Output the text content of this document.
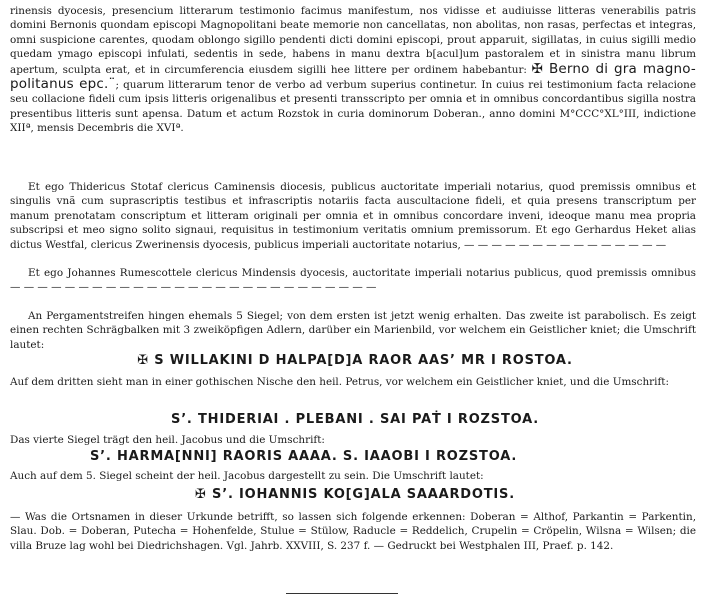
rinensis dyocesis, presencium litterarum testimonio facimus manifestum, nos vidisse et audiuisse litteras venerabilis patris domini Bernonis quondam episcopi Magnopolitani beate memorie non cancellatas, non abolitas, non rasas, perfectas et integras, omni suspicione carentes, quodam oblongo sigillo pendenti dicti domini episcopi, prout apparuit, sigillatas, in cuius sigilli medio quedam ymago episcopi infulati, sedentis in sede, habens in manu dextra b[acul]um pastoralem et in sinistra manu librum apertum, sculpta erat, et in circumferencia eiusdem sigilli hee littere per ordinem habebantur: ✠ Berno di gra magno-politanus epc.¨; quarum litterarum tenor de verbo ad verbum superius continetur. In cuius rei testimonium facta relacione seu collacione fideli cum ipsis litteris origenalibus et presenti transscripto per omnia et in omnibus concordantibus sigilla nostra presentibus litteris sunt apensa. Datum et actum Rozstok in curia dominorum Doberan., anno domini M°CCC°XL°III, indictione XIIª, mensis Decembris die XVIª.

Et ego Thidericus Stotaf clericus Caminensis diocesis, publicus auctoritate imperiali notarius, quod premissis omnibus et singulis vnã cum suprascriptis testibus et infrascriptis notariis facta auscultacione fideli, et quia presens transcriptum per manum prenotatam conscriptum et litteram originali per omnia et in omnibus concordare inveni, ideoque manu mea propria subscripsi et meo signo solito signaui, requisitus in testimonium veritatis omnium premissorum. Et ego Gerhardus Heket alias dictus Westfal, clericus Zwerinensis dyocesis, publicus imperiali auctoritate notarius, — — — — — — — — — — — — — — —

Et ego Johannes Rumescottele clericus Mindensis dyocesis, auctoritate imperiali notarius publicus, quod premissis omnibus — — — — — — — — — — — — — — — — — — — — — — — — — — —

An Pergamentstreifen hingen ehemals 5 Siegel; von dem ersten ist jetzt wenig erhalten. Das zweite ist parabolisch. Es zeigt einen rechten Schrägbalken mit 3 zweiköpfigen Adlern, darüber ein Marienbild, vor welchem ein Geistlicher kniet; die Umschrift lautet:

✠ S WILLAKINI D HALPA[D]A RAOR AAS’ MR I ROSTOA.

Auf dem dritten sieht man in einer gothischen Nische den heil. Petrus, vor welchem ein Geistlicher kniet, und die Umschrift:

S’. THIDERIAI . PLEBANI . SAI PAṪ I ROZSTOA.

Das vierte Siegel trägt den heil. Jacobus und die Umschrift:

S’. HARMA[NNI] RAORIS AAAA. S. IAAOBI I ROZSTOA.

Auch auf dem 5. Siegel scheint der heil. Jacobus dargestellt zu sein. Die Umschrift lautet:

✠ S’. IOHANNIS KO[G]ALA SAAARDOTIS.

— Was die Ortsnamen in dieser Urkunde betrifft, so lassen sich folgende erkennen: Doberan = Althof, Parkantin = Parkentin, Slau. Dob. = Doberan, Putecha = Hohenfelde, Stulue = Stülow, Raducle = Reddelich, Crupelin = Cröpelin, Wilsna = Wilsen; die villa Bruze lag wohl bei Diedrichshagen. Vgl. Jahrb. XXVIII, S. 237 f. — Gedruckt bei Westphalen III, Praef. p. 142.
